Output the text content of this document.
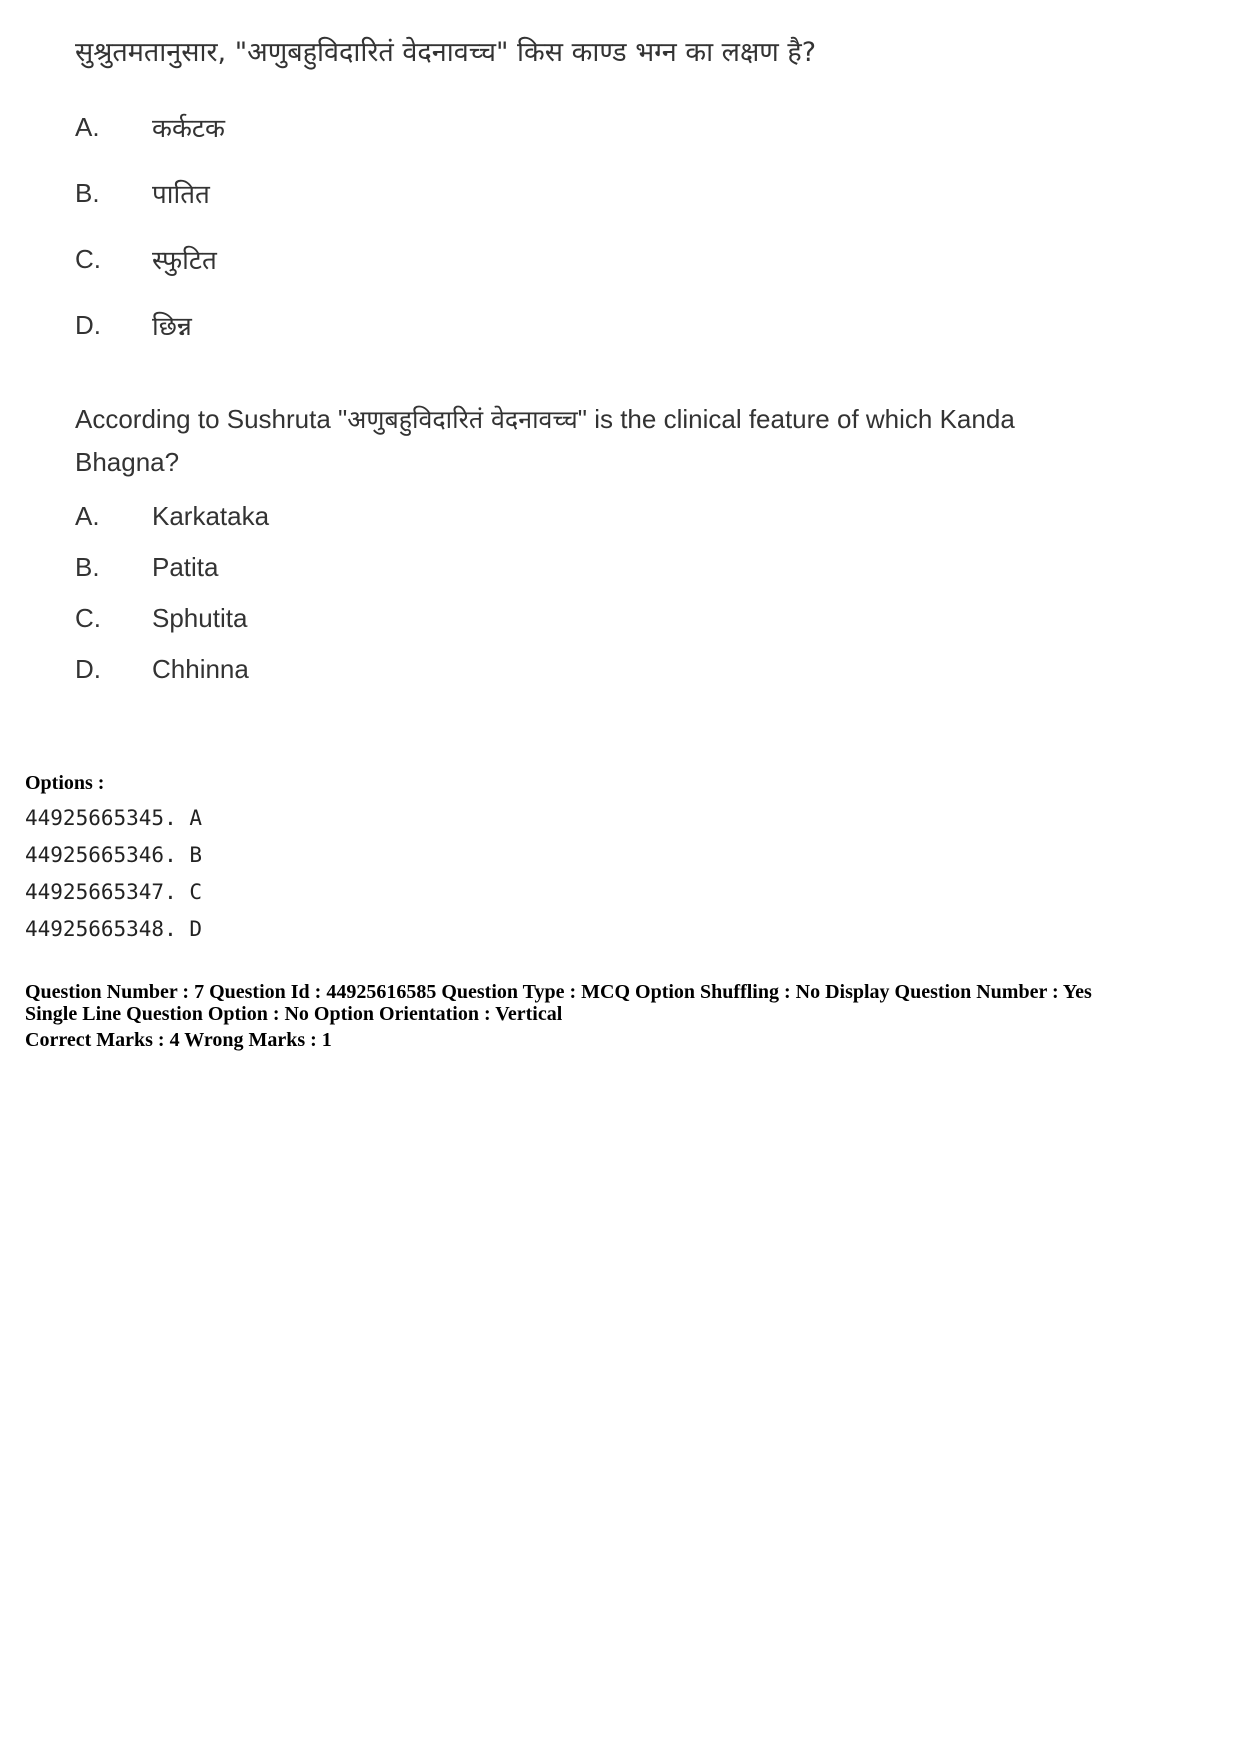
सुश्रुतमतानुसार, "अणुबहुविदारितं वेदनावच्च" किस काण्ड भग्न का लक्षण है?
A.	कर्कटक
B.	पातित
C.	स्फुटित
D.	छिन्न
According to Sushruta "अणुबहुविदारितं वेदनावच्च" is the clinical feature of which Kanda Bhagna?
A.	Karkataka
B.	Patita
C.	Sphutita
D.	Chhinna
Options :
44925665345. A
44925665346. B
44925665347. C
44925665348. D
Question Number : 7 Question Id : 44925616585 Question Type : MCQ Option Shuffling : No Display Question Number : Yes
Single Line Question Option : No Option Orientation : Vertical
Correct Marks : 4 Wrong Marks : 1
